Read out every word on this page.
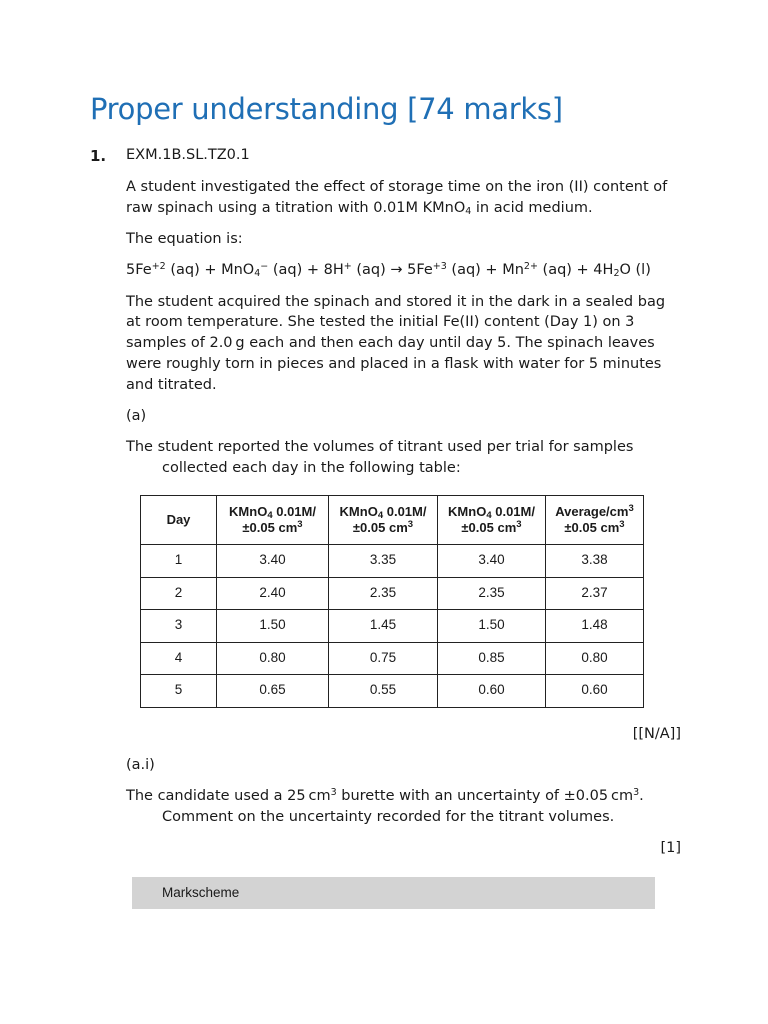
Proper understanding [74 marks]
1. EXM.1B.SL.TZ0.1

A student investigated the effect of storage time on the iron (II) content of raw spinach using a titration with 0.01M KMnO$_4$ in acid medium.

The equation is:

$5Fe^{+2}$ (aq) + MnO$_4$− (aq) + 8H+ $(aq) \to 5Fe^{+3}$ $(aq) + Mn^{2+}$ $(aq) + 4H_2O$ (l)

The student acquired the spinach and stored it in the dark in a sealed bag at room temperature. She tested the initial Fe(II) content (Day 1) on 3 samples of 2.0 g each and then each day until day 5. The spinach leaves were roughly torn in pieces and placed in a flask with water for 5 minutes and titrated.

(a)

The student reported the volumes of titrant used per trial for samples collected each day in the following table:

Day	KMnO$_4$ 0.01M/
±0.05 $cm^3$	KMnO$_4$ 0.01M/
±0.05 $cm^3$	KMnO$_4$ 0.01M/
±0.05 $cm^3$	Average/$cm^3$
±0.05 $cm^3$
1	3.40	3.35	3.40	3.38
2	2.40	2.35	2.35	2.37
3	1.50	1.45	1.50	1.48
4	0.80	0.75	0.85	0.80
5	0.65	0.55	0.60	0.60

[[N/A]]

(a.i)

The candidate used a 25 $cm^3$ burette with an uncertainty of ±0.05 $cm^3$. Comment on the uncertainty recorded for the titrant volumes.

[1]

Markscheme
